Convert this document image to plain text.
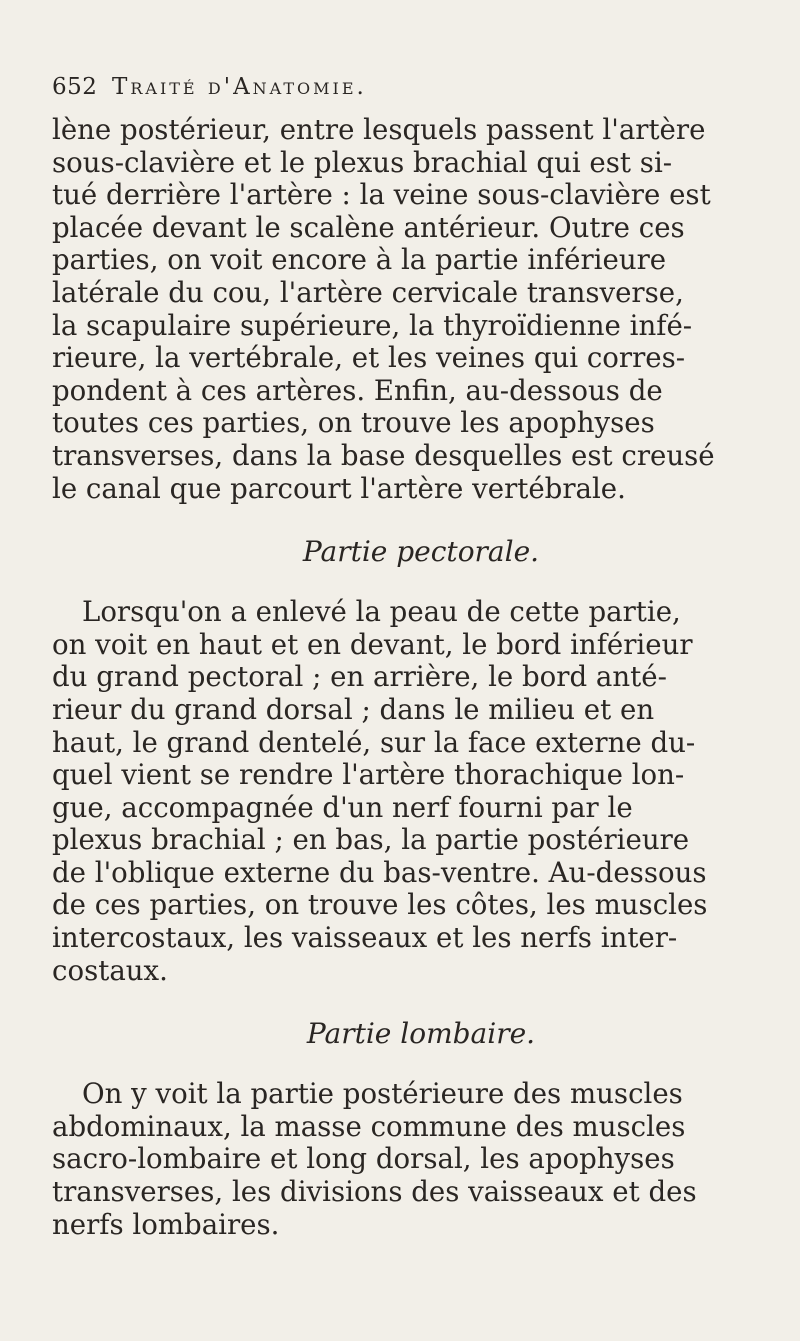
652 Traité d'Anatomie.

lène postérieur, entre lesquels passent l'artère
sous-clavière et le plexus brachial qui est si-
tué derrière l'artère : la veine sous-clavière est
placée devant le scalène antérieur. Outre ces
parties, on voit encore à la partie inférieure
latérale du cou, l'artère cervicale transverse,
la scapulaire supérieure, la thyroïdienne infé-
rieure, la vertébrale, et les veines qui corres-
pondent à ces artères. Enfin, au-dessous de
toutes ces parties, on trouve les apophyses
transverses, dans la base desquelles est creusé
le canal que parcourt l'artère vertébrale.

Partie pectorale.

Lorsqu'on a enlevé la peau de cette partie,
on voit en haut et en devant, le bord inférieur
du grand pectoral ; en arrière, le bord anté-
rieur du grand dorsal ; dans le milieu et en
haut, le grand dentelé, sur la face externe du-
quel vient se rendre l'artère thorachique lon-
gue, accompagnée d'un nerf fourni par le
plexus brachial ; en bas, la partie postérieure
de l'oblique externe du bas-ventre. Au-dessous
de ces parties, on trouve les côtes, les muscles
intercostaux, les vaisseaux et les nerfs inter-
costaux.

Partie lombaire.

On y voit la partie postérieure des muscles
abdominaux, la masse commune des muscles
sacro-lombaire et long dorsal, les apophyses
transverses, les divisions des vaisseaux et des
nerfs lombaires.
